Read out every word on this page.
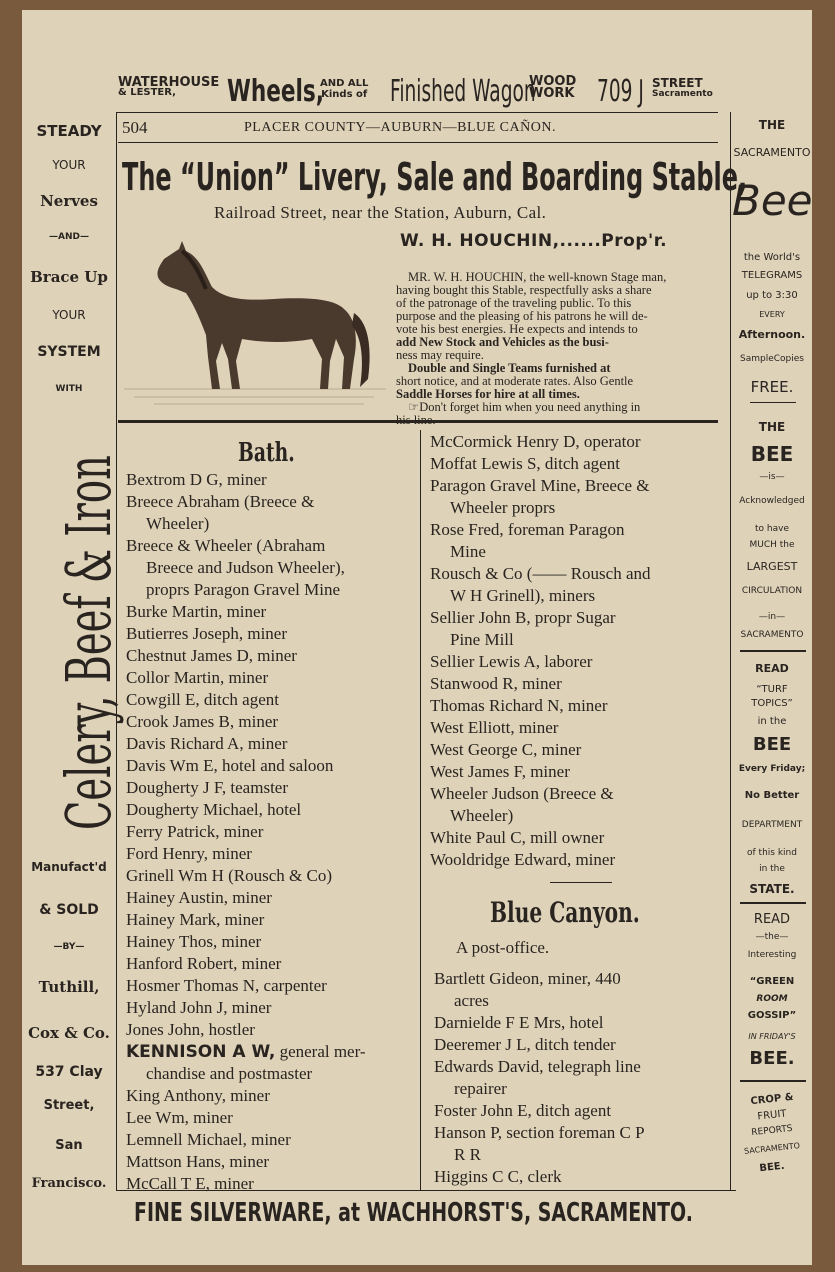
WATERHOUSE
& LESTER,	Wheels,
AND ALL
Kinds of Finished Wagon
WOOD
WORK 709 J STREET
Sacramento
504	PLACER COUNTY—AUBURN—BLUE CAÑON.
The “Union” Livery, Sale and Boarding Stable,
Railroad Street, near the Station, Auburn, Cal.
W. H. HOUCHIN,......Prop'r.
MR. W. H. HOUCHIN, the well-known Stage man,
having bought this Stable, respectfully asks a share
of the patronage of the traveling public. To this
purpose and the pleasing of his patrons he will de-
vote his best energies. He expects and intends to
add New Stock and Vehicles as the busi-
ness may require.
Double and Single Teams furnished at
short notice, and at moderate rates. Also Gentle
Saddle Horses for hire at all times.
☞Don't forget him when you need anything in
Bath.
Bextrom D G, miner
Breece Abraham (Breece &
Wheeler)
Breece & Wheeler (Abraham
Breece and Judson Wheeler),
proprs Paragon Gravel Mine
Burke Martin, miner
Butierres Joseph, miner
Chestnut James D, miner
Collor Martin, miner
Cowgill E, ditch agent
Crook James B, miner
Davis Richard A, miner
Davis Wm E, hotel and saloon
Dougherty J F, teamster
Dougherty Michael, hotel
Ferry Patrick, miner
Ford Henry, miner
Grinell Wm H (Rousch & Co)
Hainey Austin, miner
Hainey Mark, miner
Hainey Thos, miner
Hanford Robert, miner
Hosmer Thomas N, carpenter
Hyland John J, miner
Jones John, hostler
KENNISON A W, general mer-
chandise and postmaster
King Anthony, miner
Lee Wm, miner
Lemnell Michael, miner
Mattson Hans, miner
McCall T E, miner
McCormick Henry D, operator
Moffat Lewis S, ditch agent
Paragon Gravel Mine, Breece &
Wheeler proprs
Rose Fred, foreman Paragon
Mine
Rousch & Co (—— Rousch and
W H Grinell), miners
Sellier John B, propr Sugar
Pine Mill
Sellier Lewis A, laborer
Stanwood R, miner
Thomas Richard N, miner
West Elliott, miner
West George C, miner
West James F, miner
Wheeler Judson (Breece &
Wheeler)
White Paul C, mill owner
Wooldridge Edward, miner
Blue Canyon.
A post-office.
Bartlett Gideon, miner, 440
acres
Darnielde F E Mrs, hotel
Deeremer J L, ditch tender
Edwards David, telegraph line
repairer
Foster John E, ditch agent
Hanson P, section foreman C P
R R
Higgins C C, clerk
STEADY
YOUR
Nerves
—AND—
Brace Up
YOUR
SYSTEM
WITH
Celery, Beef & Iron
Manufact'd
& SOLD
—BY—
Tuthill,
Cox & Co.
537 Clay
Street,
San
Francisco.
THE
SACRAMENTO
Bee
the World's
TELEGRAMS
up to 3:30
EVERY
Afternoon.
SampleCopies
FREE.
THE
BEE
—is—
Acknowledged
to have
MUCH the
LARGEST
CIRCULATION
—in—
SACRAMENTO
READ
“TURF
TOPICS”
in the
BEE
Every Friday;
No Better
DEPARTMENT
of this kind
in the
STATE.
READ
—the—
Interesting
“GREEN
ROOM
GOSSIP”
IN FRIDAY'S
BEE.
CROP &
FRUIT
REPORTS
SACRAMENTO
BEE.
FINE SILVERWARE, at WACHHORST'S, SACRAMENTO.
